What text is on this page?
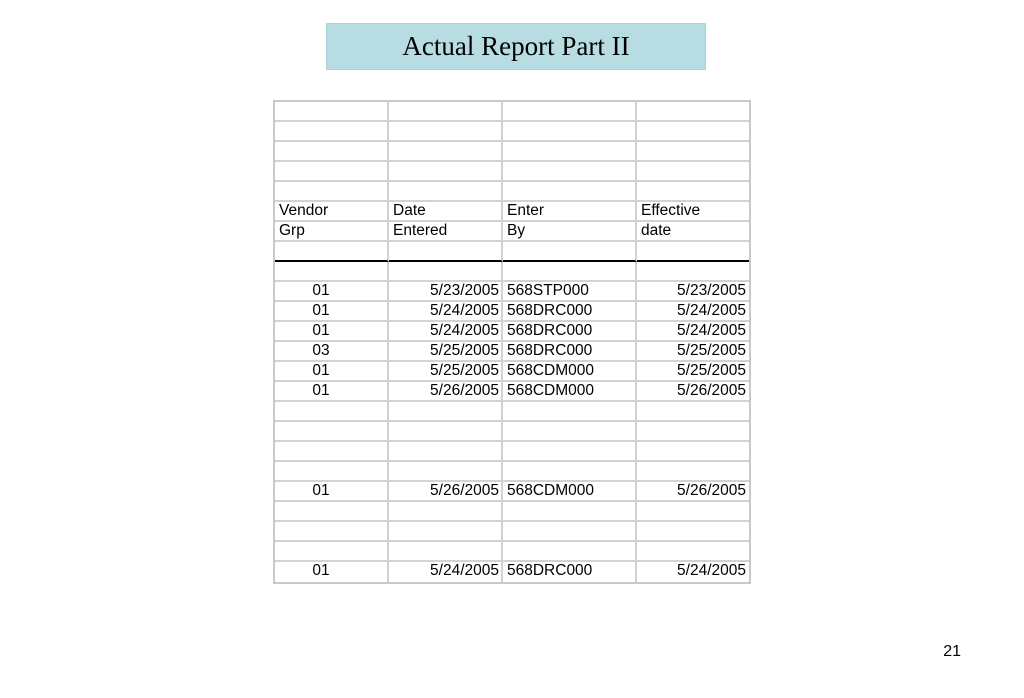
Actual Report Part II
Vendor	Date	Enter	Effective
Grp	Entered	By	date
01	5/23/2005 568STP000	5/23/2005
01	5/24/2005 568DRC000	5/24/2005
01	5/24/2005 568DRC000	5/24/2005
03	5/25/2005 568DRC000	5/25/2005
01	5/25/2005 568CDM000	5/25/2005
01	5/26/2005 568CDM000	5/26/2005
01	5/26/2005 568CDM000	5/26/2005
01	5/24/2005 568DRC000	5/24/2005
21
